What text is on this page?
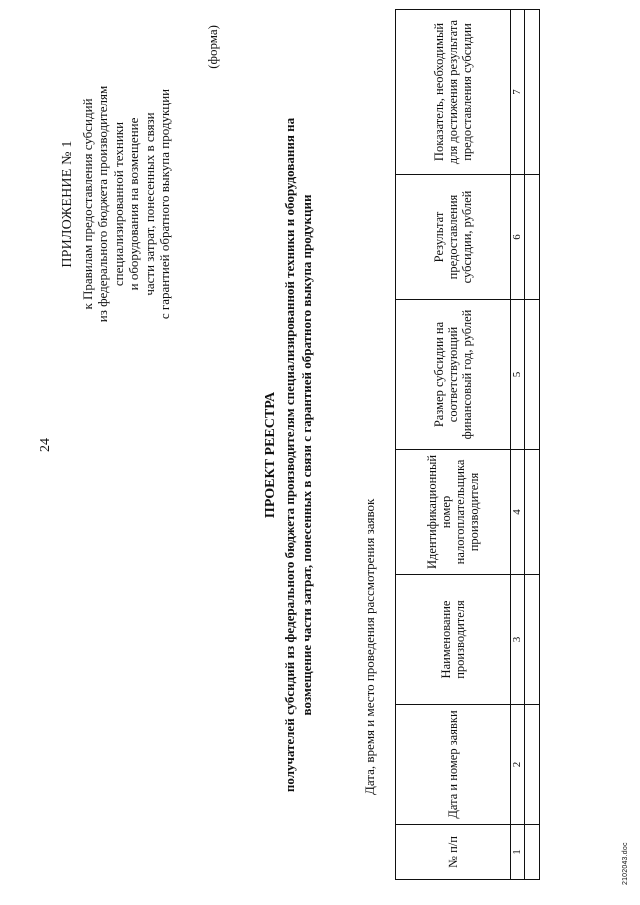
24
ПРИЛОЖЕНИЕ № 1 к Правилам предоставления субсидий из федерального бюджета производителям специализированной техники и оборудования на возмещение части затрат, понесенных в связи с гарантией обратного выкупа продукции
(форма)
ПРОЕКТ РЕЕСТРА получателей субсидий из федерального бюджета производителям специализированной техники и оборудования на возмещение части затрат, понесенных в связи с гарантией обратного выкупа продукции	Дата, время и место проведения рассмотрения заявок
№ п/п	Дата и номер заявки	Наименование производителя	Идентификационный номер налогоплательщика производителя	Размер субсидии на соответствующий финансовый год, рублей	Результат предоставления субсидии, рублей	Показатель, необходимый для достижения результата предоставления субсидии
1	2	3	4	5	6	7

2102043.doc
